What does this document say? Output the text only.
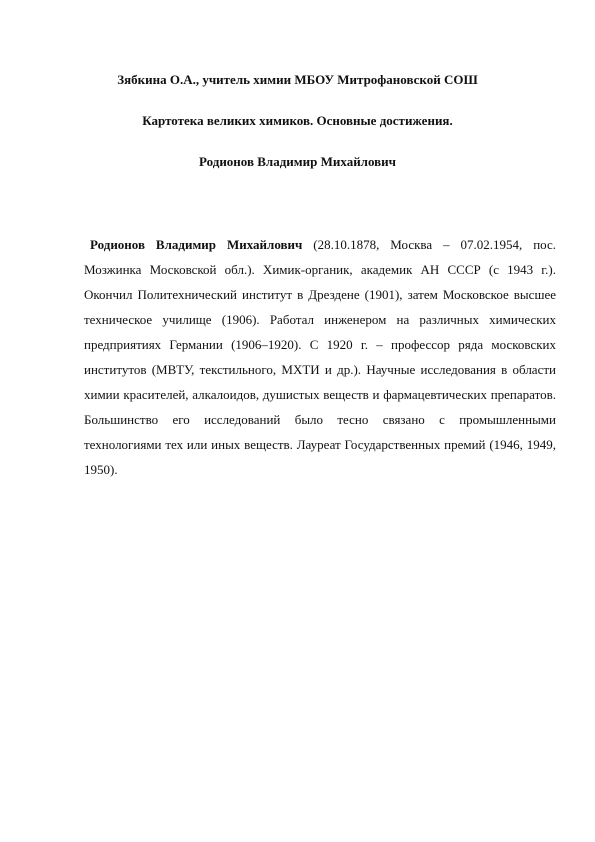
Зябкина О.А., учитель химии МБОУ Митрофановской СОШ
Картотека великих химиков. Основные достижения.
Родионов Владимир Михайлович

Родионов Владимир Михайлович (28.10.1878, Москва – 07.02.1954, пос. Мозжинка Московской обл.). Химик-органик, академик АН СССР (с 1943 г.). Окончил Политехнический институт в Дрездене (1901), затем Московское высшее техническое училище (1906). Работал инженером на различных химических предприятиях Германии (1906–1920). С 1920 г. – профессор ряда московских институтов (МВТУ, текстильного, МХТИ и др.). Научные исследования в области химии красителей, алкалоидов, душистых веществ и фармацевтических препаратов. Большинство его исследований было тесно связано с промышленными технологиями тех или иных веществ. Лауреат Государственных премий (1946, 1949, 1950).
